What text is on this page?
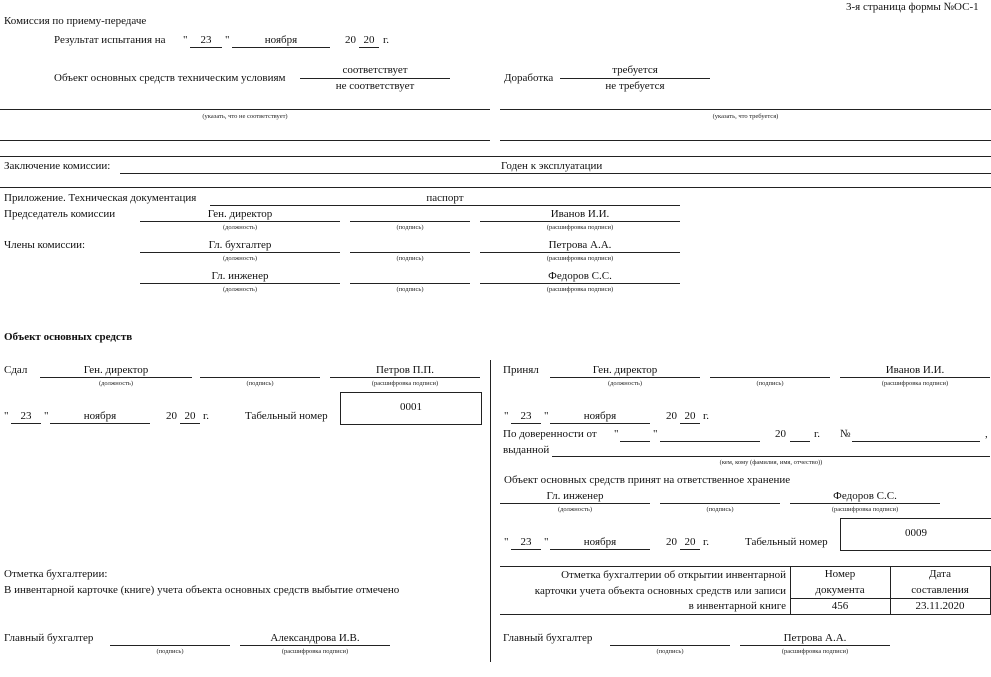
3-я страница формы №ОС-1
Комиссия по приему-передаче
Результат испытания на "	23	"	ноября	20 20 г.
Объект основных средств техническим условиям
соответствует
не соответствует
Доработка
требуется
не требуется
(указать, что не соответствует)	(указать, что требуется)
Заключение комиссии:	Годен к эксплуатации
Приложение. Техническая документация	паспорт
Председатель комиссии	Ген. директор	Иванов И.И.
(должность)	(подпись)	(расшифровка подписи)
Члены комиссии:	Гл. бухгалтер	Петрова А.А.
(должность)	(подпись)	(расшифровка подписи)
Гл. инженер	Федоров С.С.
(должность)	(подпись)	(расшифровка подписи)
Объект основных средств
Сдал	Ген. директор	Петров П.П.
(должность)	(подпись)	(расшифровка подписи)
"	23	"	ноября	20 20 г.	Табельный номер
0001
Принял	Ген. директор	Иванов И.И.
(должность)	(подпись)	(расшифровка подписи)
"	23	"	ноября	20 20 г.
По доверенности от "	"	20	г. №	,
выданной
(кем, кому (фамилия, имя, отчество))
Объект основных средств принят на ответственное хранение
Гл. инженер	Федоров С.С.
(должность)	(подпись)	(расшифровка подписи)
"	23	"	ноября	20 20 г.	Табельный номер
0009
Отметка бухгалтерии:
В инвентарной карточке (книге) учета объекта основных средств выбытие отмечено
Главный бухгалтер	Александрова И.В.
(подпись)	(расшифровка подписи)
Отметка бухгалтерии об открытии инвентарной
карточки учета объекта основных средств или записи
в инвентарной книге
Номер
документа
Дата
составления
456	23.11.2020
Главный бухгалтер	Петрова А.А.
(подпись)	(расшифровка подписи)
